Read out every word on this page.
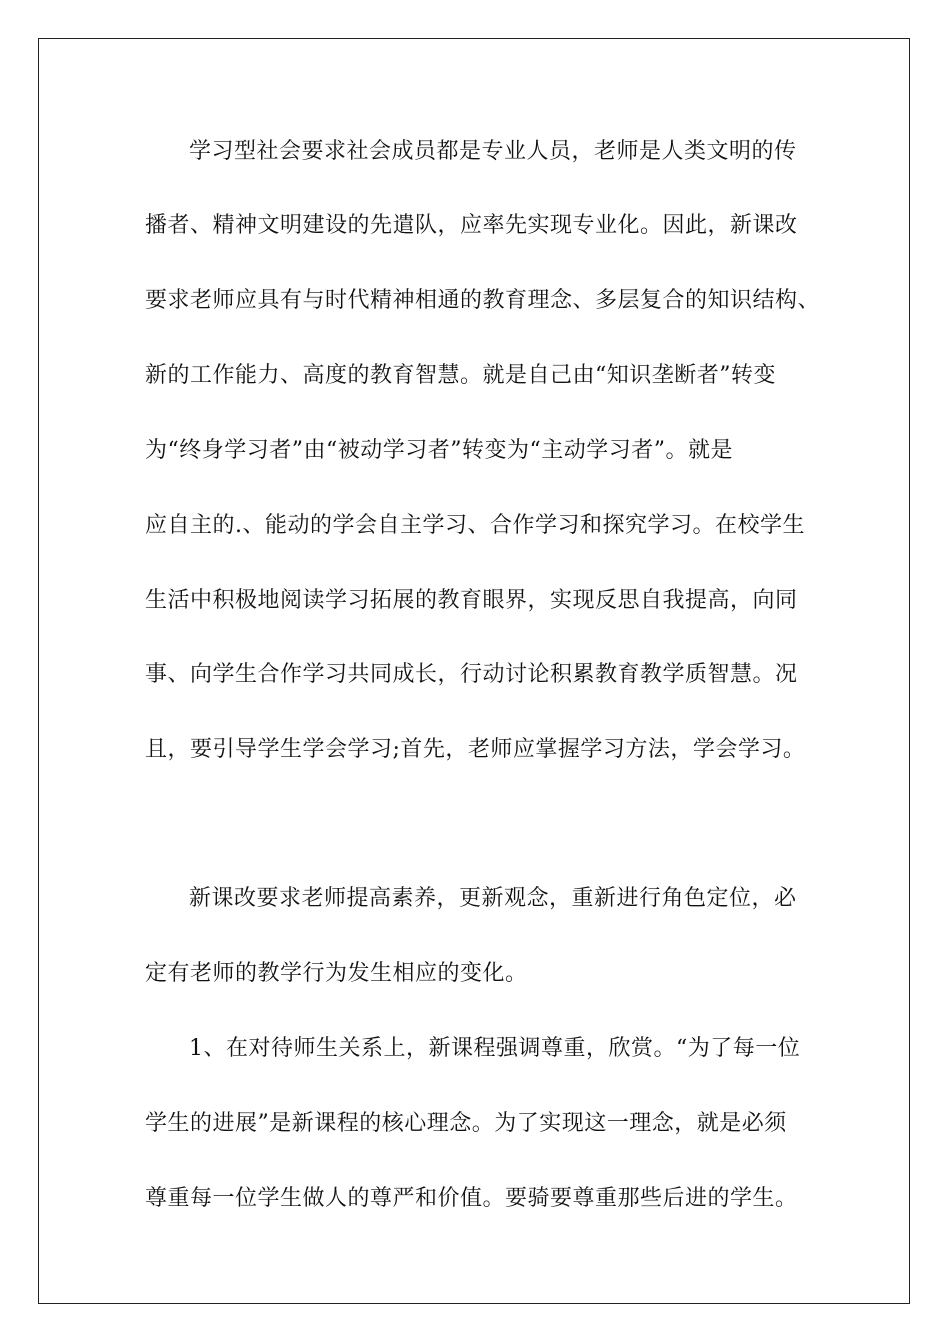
学习型社会要求社会成员都是专业人员，老师是人类文明的传

播者、精神文明建设的先遣队，应率先实现专业化。因此，新课改

要求老师应具有与时代精神相通的教育理念、多层复合的知识结构、

新的工作能力、高度的教育智慧。就是自己由“知识垄断者”转变

为“终身学习者”由“被动学习者”转变为“主动学习者”。就是

应自主的.、能动的学会自主学习、合作学习和探究学习。在校学生

生活中积极地阅读学习拓展的教育眼界，实现反思自我提高，向同

事、向学生合作学习共同成长，行动讨论积累教育教学质智慧。况

且，要引导学生学会学习;首先，老师应掌握学习方法，学会学习。

新课改要求老师提高素养，更新观念，重新进行角色定位，必

定有老师的教学行为发生相应的变化。

1、在对待师生关系上，新课程强调尊重，欣赏。“为了每一位

学生的进展”是新课程的核心理念。为了实现这一理念，就是必须

尊重每一位学生做人的尊严和价值。要骑要尊重那些后进的学生。
